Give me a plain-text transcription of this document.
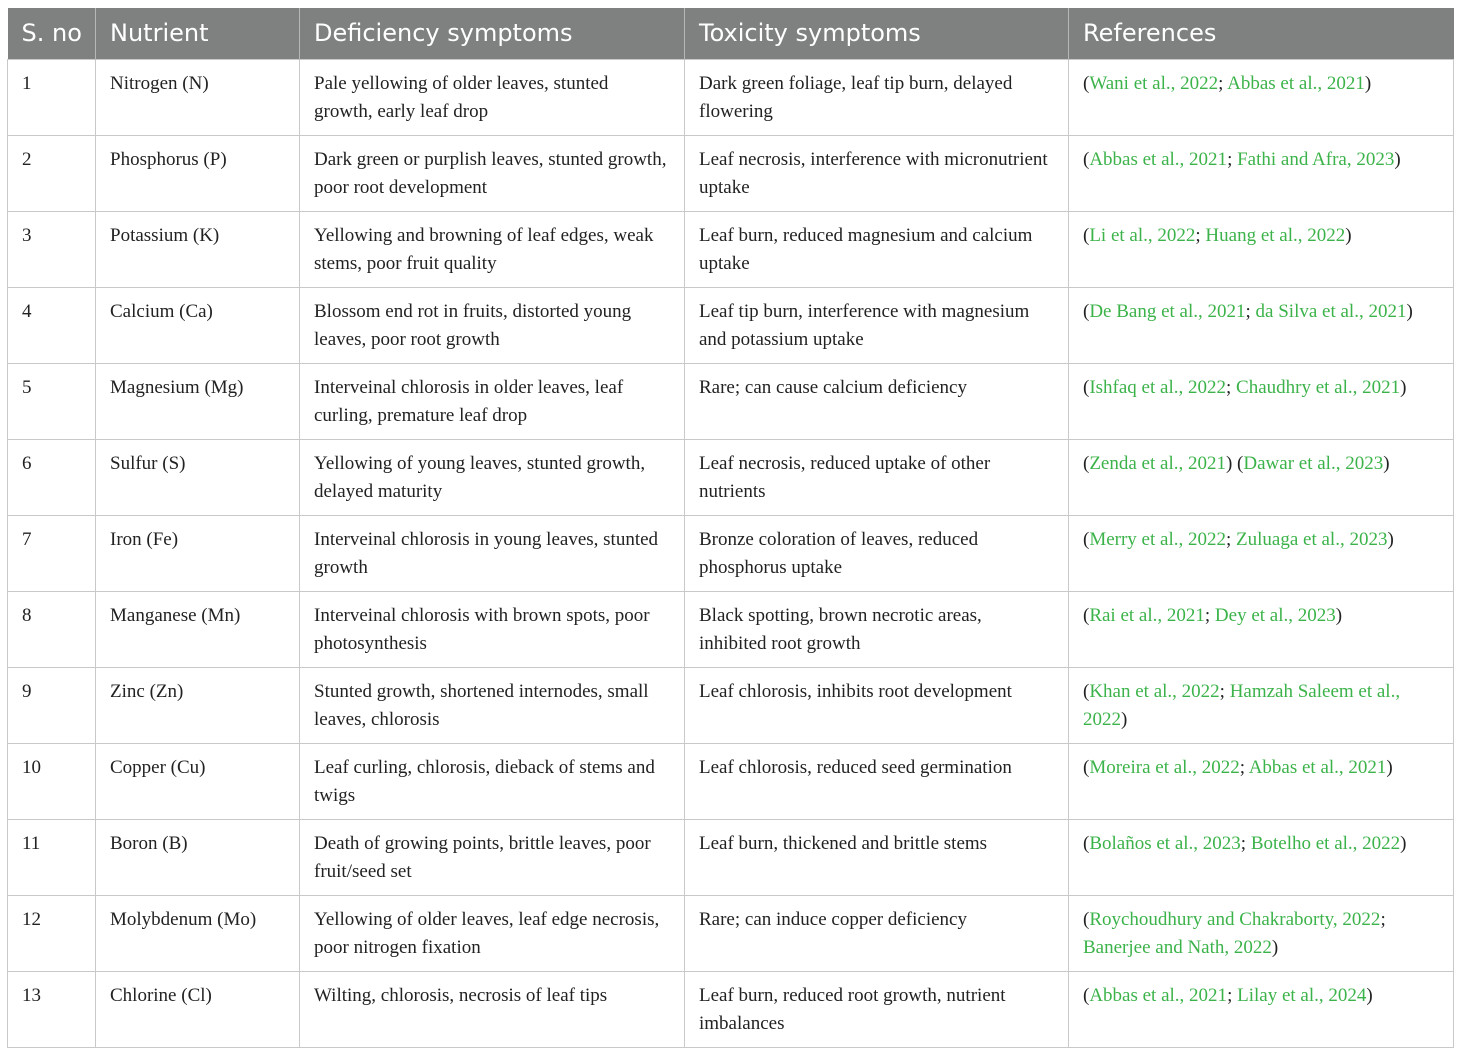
S. no	Nutrient	Deficiency symptoms	Toxicity symptoms	References
1	Nitrogen (N)	Pale yellowing of older leaves, stunted growth, early leaf drop	Dark green foliage, leaf tip burn, delayed flowering	(Wani et al., 2022; Abbas et al., 2021)
2	Phosphorus (P)	Dark green or purplish leaves, stunted growth, poor root development	Leaf necrosis, interference with micronutrient uptake	(Abbas et al., 2021; Fathi and Afra, 2023)
3	Potassium (K)	Yellowing and browning of leaf edges, weak stems, poor fruit quality	Leaf burn, reduced magnesium and calcium uptake	(Li et al., 2022; Huang et al., 2022)
4	Calcium (Ca)	Blossom end rot in fruits, distorted young leaves, poor root growth	Leaf tip burn, interference with magnesium and potassium uptake	(De Bang et al., 2021; da Silva et al., 2021)
5	Magnesium (Mg)	Interveinal chlorosis in older leaves, leaf curling, premature leaf drop	Rare; can cause calcium deficiency	(Ishfaq et al., 2022; Chaudhry et al., 2021)
6	Sulfur (S)	Yellowing of young leaves, stunted growth, delayed maturity	Leaf necrosis, reduced uptake of other nutrients	(Zenda et al., 2021) (Dawar et al., 2023)
7	Iron (Fe)	Interveinal chlorosis in young leaves, stunted growth	Bronze coloration of leaves, reduced phosphorus uptake	(Merry et al., 2022; Zuluaga et al., 2023)
8	Manganese (Mn)	Interveinal chlorosis with brown spots, poor photosynthesis	Black spotting, brown necrotic areas, inhibited root growth	(Rai et al., 2021; Dey et al., 2023)
9	Zinc (Zn)	Stunted growth, shortened internodes, small leaves, chlorosis	Leaf chlorosis, inhibits root development	(Khan et al., 2022; Hamzah Saleem et al., 2022)
10	Copper (Cu)	Leaf curling, chlorosis, dieback of stems and twigs	Leaf chlorosis, reduced seed germination	(Moreira et al., 2022; Abbas et al., 2021)
11	Boron (B)	Death of growing points, brittle leaves, poor fruit/seed set	Leaf burn, thickened and brittle stems	(Bolaños et al., 2023; Botelho et al., 2022)
12	Molybdenum (Mo)	Yellowing of older leaves, leaf edge necrosis, poor nitrogen fixation	Rare; can induce copper deficiency	(Roychoudhury and Chakraborty, 2022; Banerjee and Nath, 2022)
13	Chlorine (Cl)	Wilting, chlorosis, necrosis of leaf tips	Leaf burn, reduced root growth, nutrient imbalances	(Abbas et al., 2021; Lilay et al., 2024)
